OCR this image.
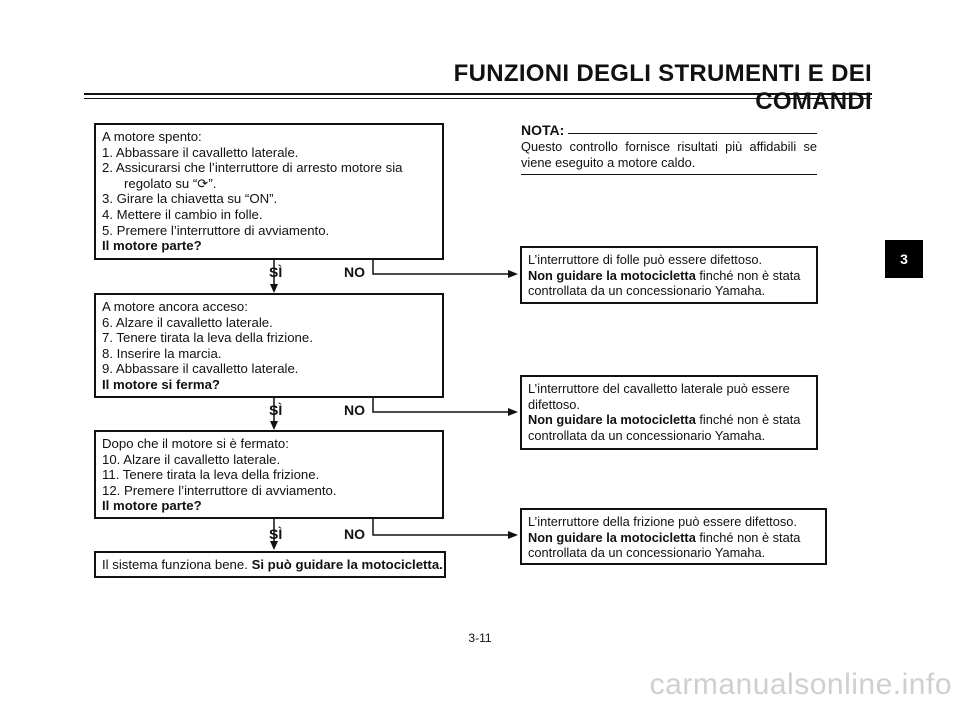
FUNZIONI DEGLI STRUMENTI E DEI COMANDI
A motore spento:
1. Abbassare il cavalletto laterale.
2. Assicurarsi che l’interruttore di arresto motore sia
regolato su “⟳”.
3. Girare la chiavetta su “ON”.
4. Mettere il cambio in folle.
5. Premere l’interruttore di avviamento.
Il motore parte?
SÌ	NO
A motore ancora acceso:
6. Alzare il cavalletto laterale.
7. Tenere tirata la leva della frizione.
8. Inserire la marcia.
9. Abbassare il cavalletto laterale.
Il motore si ferma?
SÌ	NO
Dopo che il motore si è fermato:
10. Alzare il cavalletto laterale.
11. Tenere tirata la leva della frizione.
12. Premere l’interruttore di avviamento.
Il motore parte?
SÌ	NO
Il sistema funziona bene. Si può guidare la motocicletta.
NOTA:
Questo controllo fornisce risultati più affidabili se viene eseguito a motore caldo.
L’interruttore di folle può essere difettoso.
Non guidare la motocicletta finché non è stata
controllata da un concessionario Yamaha.
L’interruttore del cavalletto laterale può essere
difettoso.
Non guidare la motocicletta finché non è stata
controllata da un concessionario Yamaha.
L’interruttore della frizione può essere difettoso.
Non guidare la motocicletta finché non è stata
controllata da un concessionario Yamaha.
3
3-11
carmanualsonline.info
